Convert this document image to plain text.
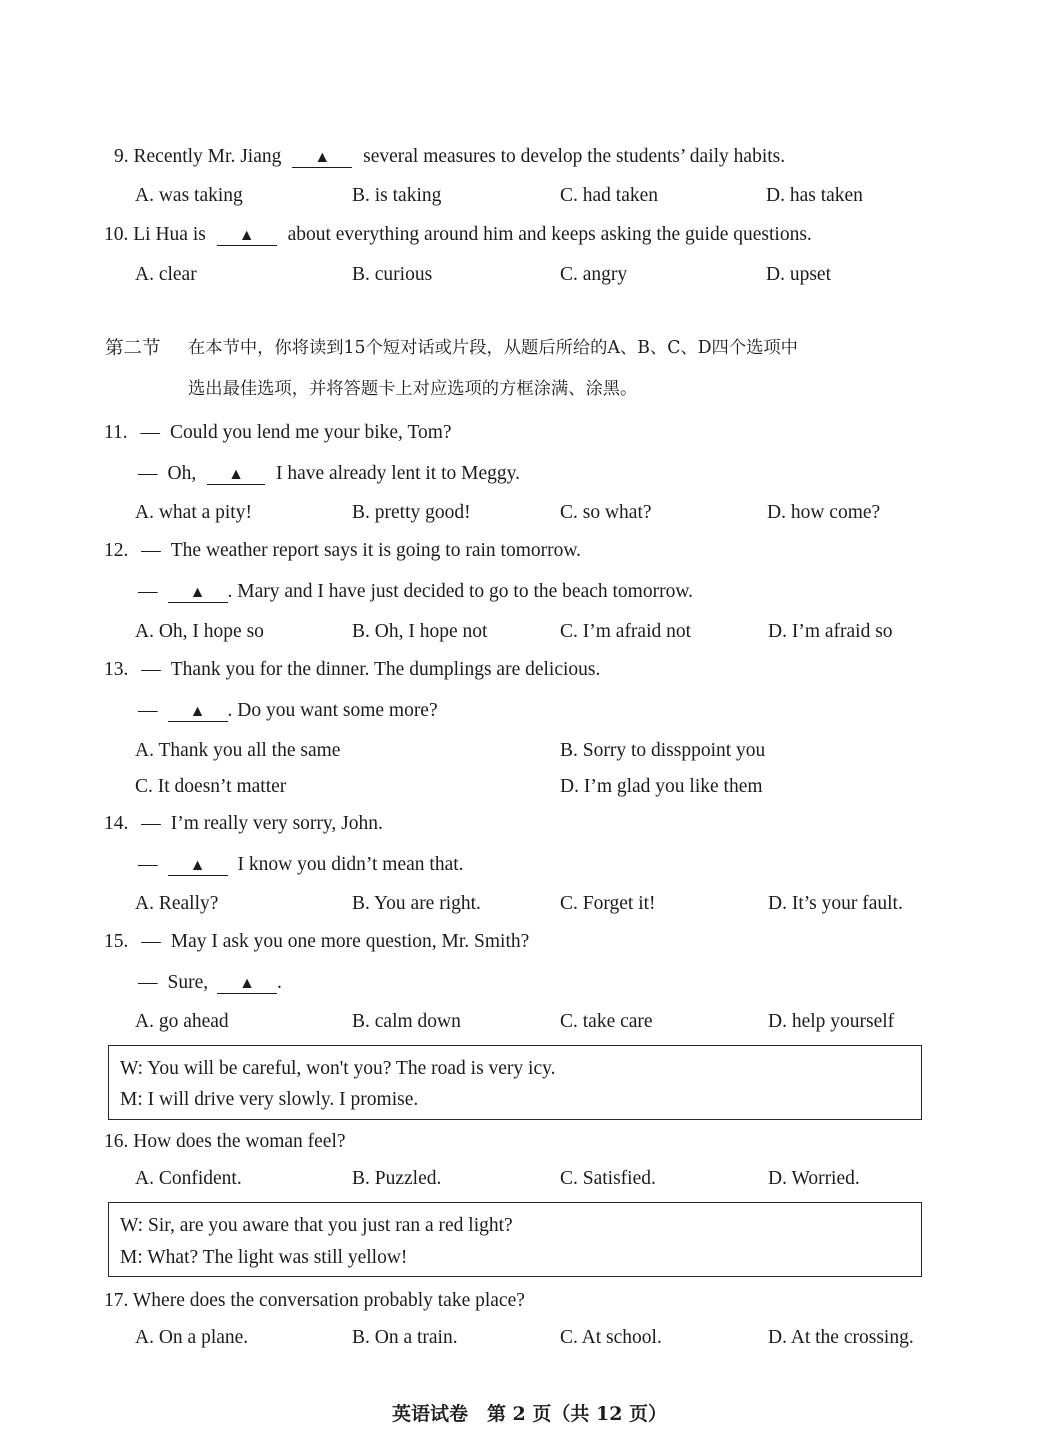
9. Recently Mr. Jiang ▲ several measures to develop the students’ daily habits.
A. was taking	B. is taking	C. had taken	D. has taken
10. Li Hua is ▲ about everything around him and keeps asking the guide questions.
A. clear	B. curious	C. angry	D. upset
第二节 在本节中，你将读到15个短对话或片段，从题后所给的A、B、C、D四个选项中
选出最佳选项，并将答题卡上对应选项的方框涂满、涂黑。
11. — Could you lend me your bike, Tom?
— Oh, ▲ I have already lent it to Meggy.
A. what a pity!	B. pretty good!	C. so what?	D. how come?
12. — The weather report says it is going to rain tomorrow.
— ▲ . Mary and I have just decided to go to the beach tomorrow.
A. Oh, I hope so	B. Oh, I hope not	C. I’m afraid not	D. I’m afraid so
13. — Thank you for the dinner. The dumplings are delicious.
— ▲ . Do you want some more?
A. Thank you all the same	B. Sorry to dissppoint you
C. It doesn’t matter	D. I’m glad you like them
14. — I’m really very sorry, John.
— ▲ I know you didn’t mean that.
A. Really?	B. You are right.	C. Forget it!	D. It’s your fault.
15. — May I ask you one more question, Mr. Smith?
— Sure, ▲ .
A. go ahead	B. calm down	C. take care	D. help yourself
W: You will be careful, won't you? The road is very icy.
M: I will drive very slowly. I promise.
16. How does the woman feel?
A. Confident.	B. Puzzled.	C. Satisfied.	D. Worried.
W: Sir, are you aware that you just ran a red light?
M: What? The light was still yellow!
17. Where does the conversation probably take place?
A. On a plane.	B. On a train.	C. At school.	D. At the crossing.
英语试卷　第 2 页（共 12 页）
